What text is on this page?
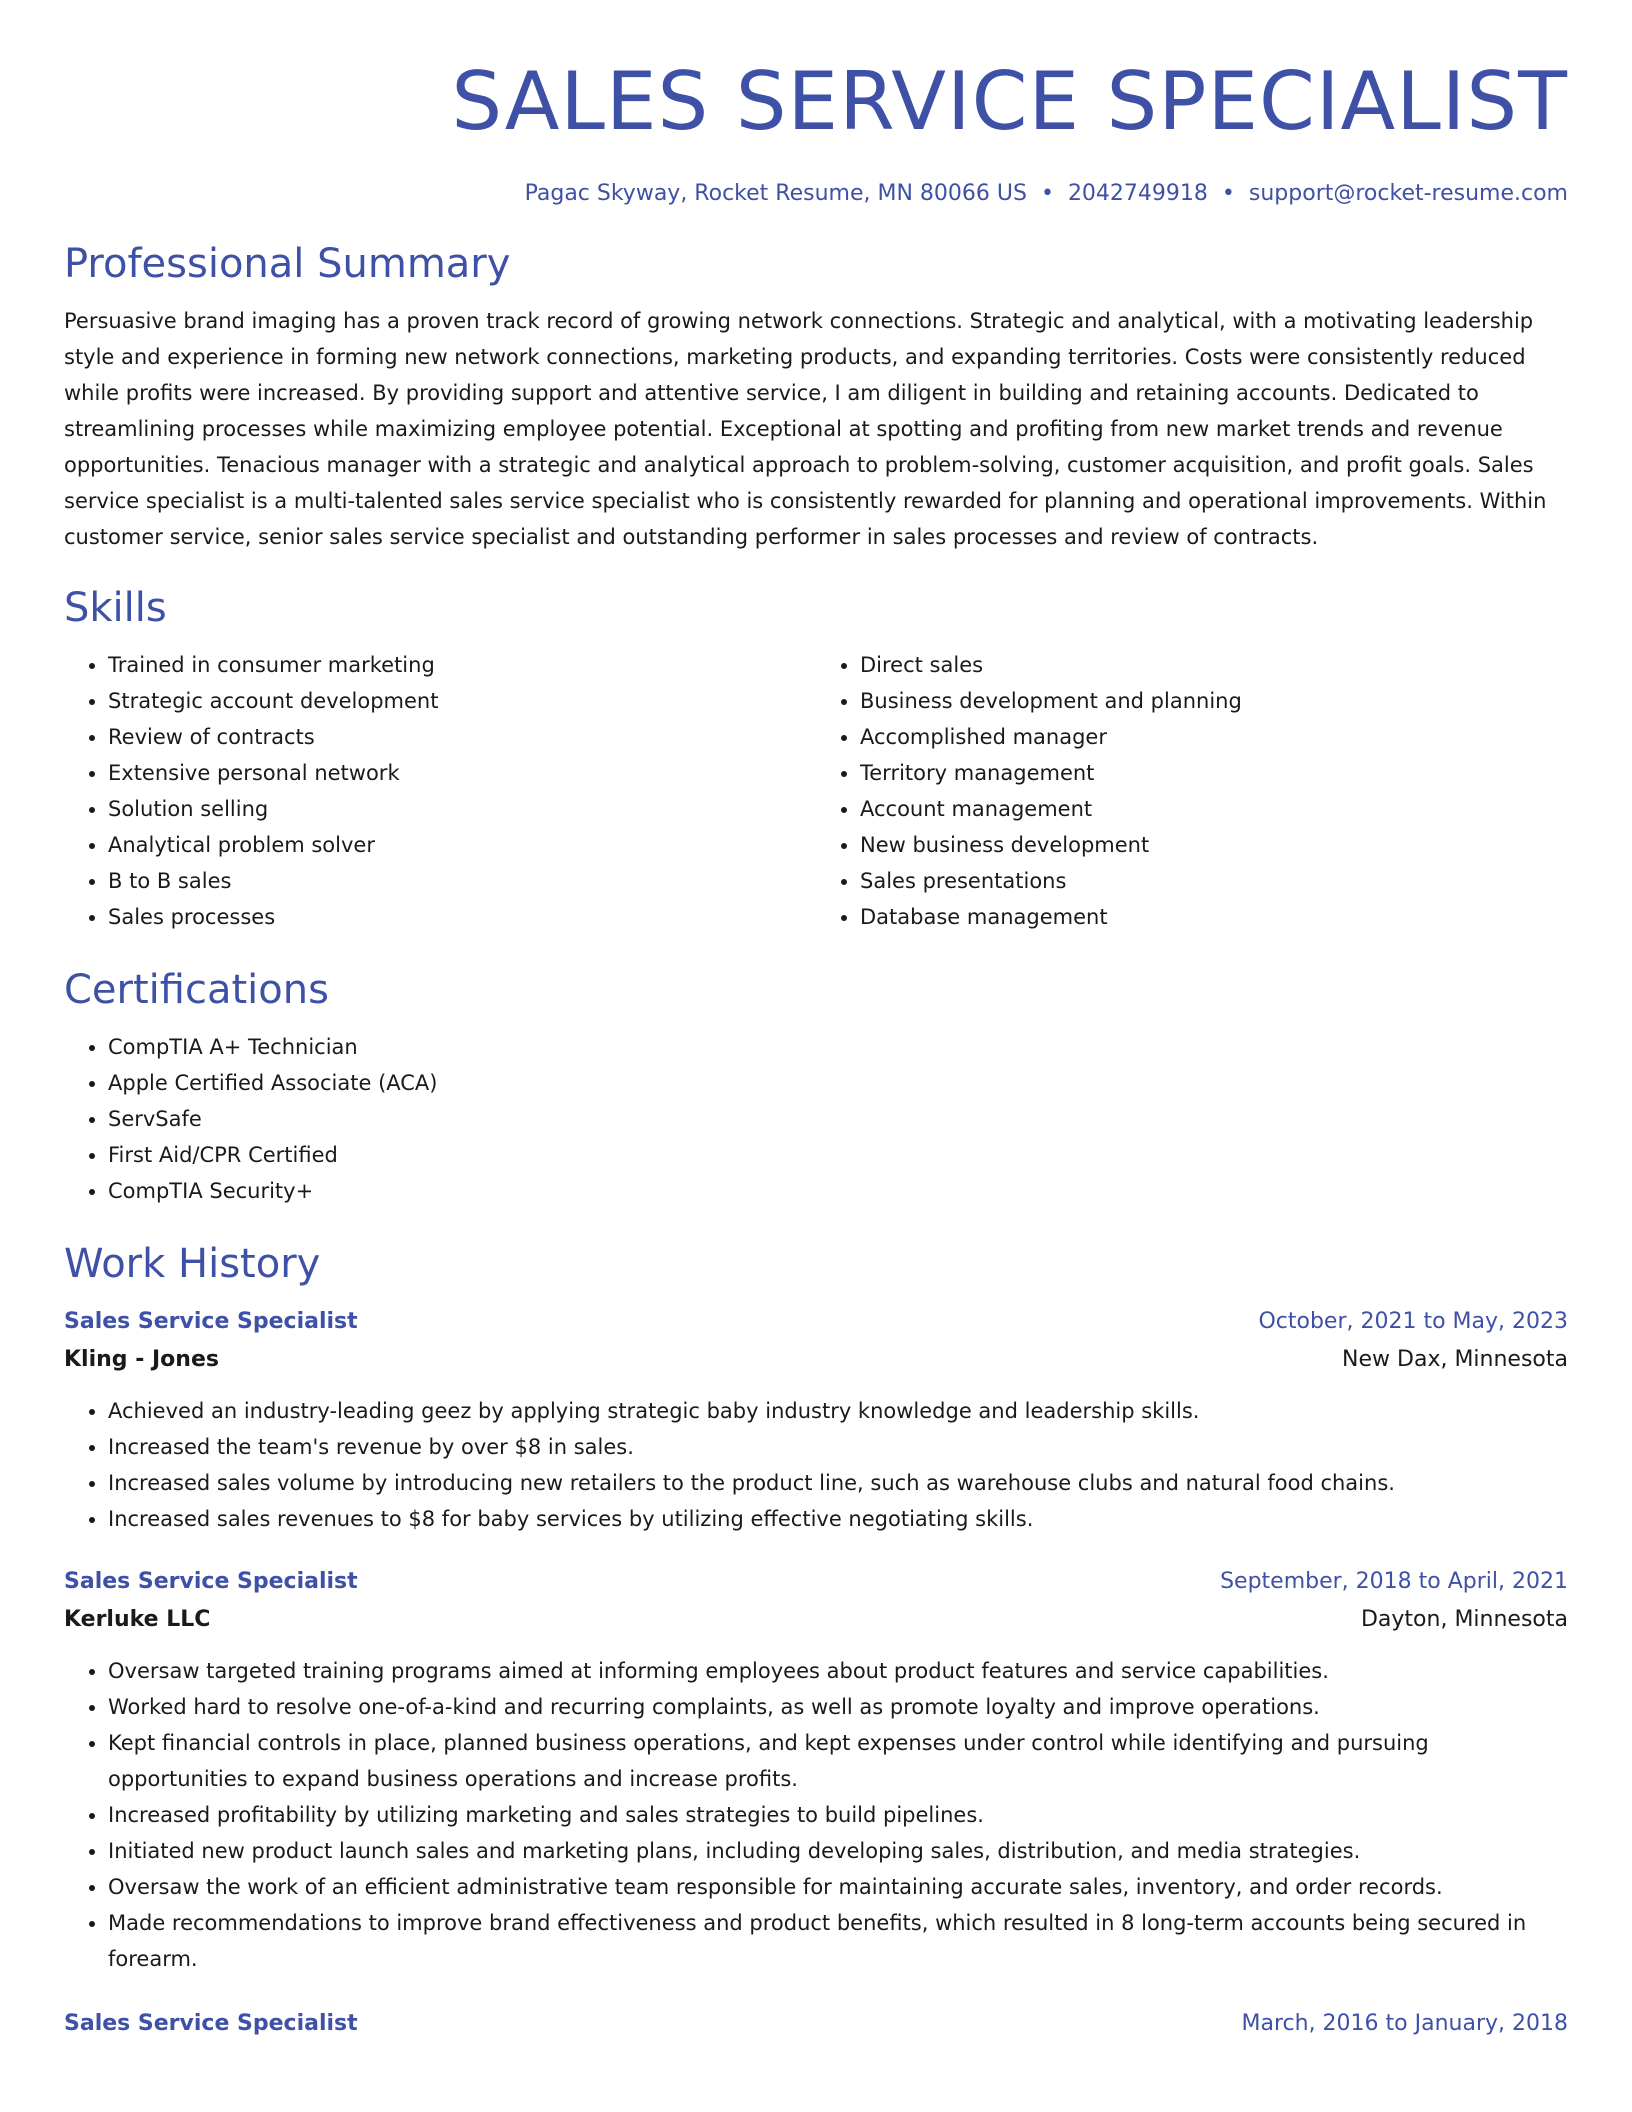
SALES SERVICE SPECIALIST
Pagac Skyway, Rocket Resume, MN 80066 US • 2042749918 • support@rocket-resume.com
Professional Summary

Persuasive brand imaging has a proven track record of growing network connections. Strategic and analytical, with a motivating leadership style and experience in forming new network connections, marketing products, and expanding territories. Costs were consistently reduced while profits were increased. By providing support and attentive service, I am diligent in building and retaining accounts. Dedicated to streamlining processes while maximizing employee potential. Exceptional at spotting and profiting from new market trends and revenue opportunities. Tenacious manager with a strategic and analytical approach to problem-solving, customer acquisition, and profit goals. Sales service specialist is a multi-talented sales service specialist who is consistently rewarded for planning and operational improvements. Within customer service, senior sales service specialist and outstanding performer in sales processes and review of contracts.

Skills
• Trained in consumer marketing
• Strategic account development
• Review of contracts
• Extensive personal network
• Solution selling
• Analytical problem solver
• B to B sales
• Sales processes
• Direct sales
• Business development and planning
• Accomplished manager
• Territory management
• Account management
• New business development
• Sales presentations
• Database management
Certifications
• CompTIA A+ Technician
• Apple Certified Associate (ACA)
• ServSafe
• First Aid/CPR Certified
• CompTIA Security+
Work History
Sales Service Specialist	October, 2021 to May, 2023
Kling - Jones	New Dax, Minnesota
• Achieved an industry-leading geez by applying strategic baby industry knowledge and leadership skills.
• Increased the team's revenue by over $8 in sales.
• Increased sales volume by introducing new retailers to the product line, such as warehouse clubs and natural food chains.
• Increased sales revenues to $8 for baby services by utilizing effective negotiating skills.
Sales Service Specialist	September, 2018 to April, 2021
Kerluke LLC	Dayton, Minnesota
• Oversaw targeted training programs aimed at informing employees about product features and service capabilities.
• Worked hard to resolve one-of-a-kind and recurring complaints, as well as promote loyalty and improve operations.
• Kept financial controls in place, planned business operations, and kept expenses under control while identifying and pursuing opportunities to expand business operations and increase profits.
• Increased profitability by utilizing marketing and sales strategies to build pipelines.
• Initiated new product launch sales and marketing plans, including developing sales, distribution, and media strategies.
• Oversaw the work of an efficient administrative team responsible for maintaining accurate sales, inventory, and order records.
• Made recommendations to improve brand effectiveness and product benefits, which resulted in 8 long-term accounts being secured in forearm.
Sales Service Specialist	March, 2016 to January, 2018
